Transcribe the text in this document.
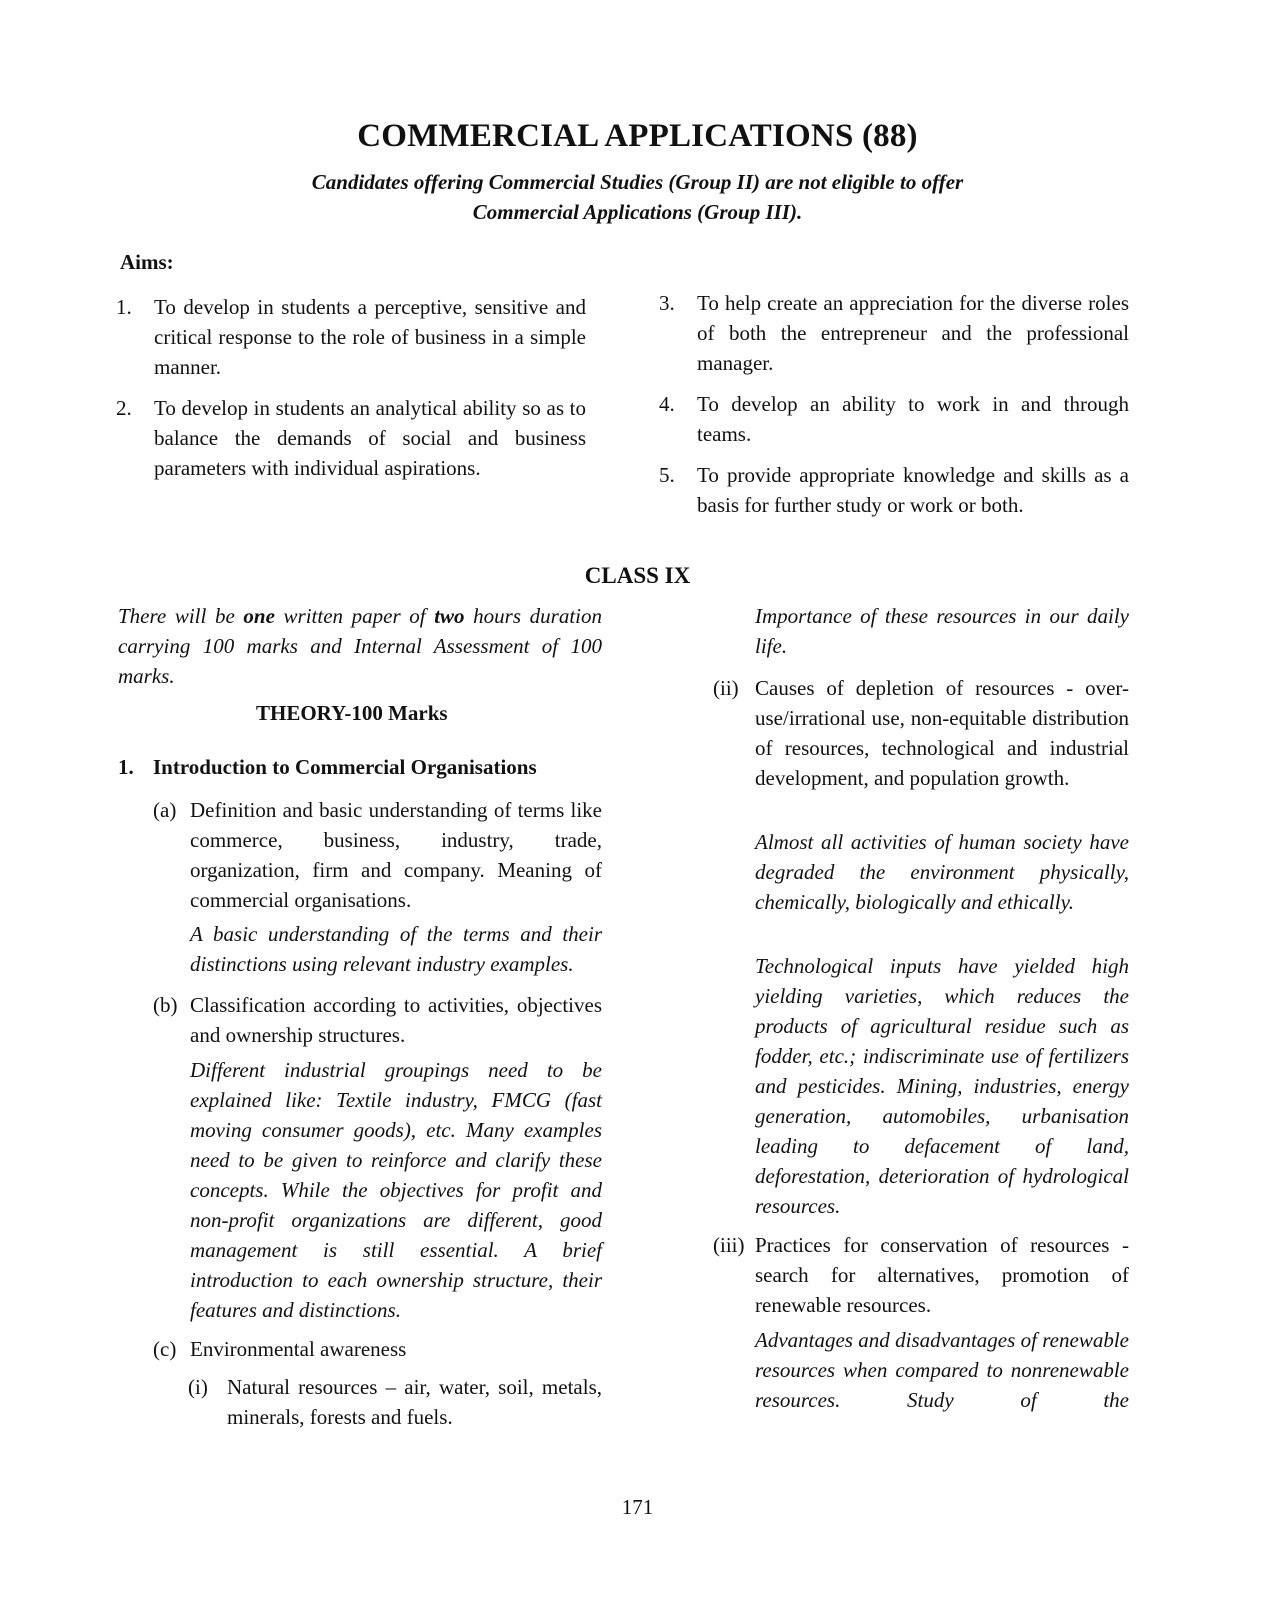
COMMERCIAL APPLICATIONS (88)
Candidates offering Commercial Studies (Group II) are not eligible to offer
Commercial Applications (Group III).
Aims:
1. To develop in students a perceptive, sensitive and critical response to the role of business in a simple manner.
2. To develop in students an analytical ability so as to balance the demands of social and business parameters with individual aspirations.
3. To help create an appreciation for the diverse roles of both the entrepreneur and the professional manager.
4. To develop an ability to work in and through teams.
5. To provide appropriate knowledge and skills as a basis for further study or work or both.
CLASS IX
There will be one written paper of two hours duration carrying 100 marks and Internal Assessment of 100 marks.
THEORY-100 Marks
1. Introduction to Commercial Organisations
(a) Definition and basic understanding of terms like commerce, business, industry, trade, organization, firm and company. Meaning of commercial organisations.
A basic understanding of the terms and their distinctions using relevant industry examples.
(b) Classification according to activities, objectives and ownership structures.
Different industrial groupings need to be explained like: Textile industry, FMCG (fast moving consumer goods), etc. Many examples need to be given to reinforce and clarify these concepts. While the objectives for profit and non-profit organizations are different, good management is still essential. A brief introduction to each ownership structure, their features and distinctions.
(c) Environmental awareness
(i) Natural resources – air, water, soil, metals, minerals, forests and fuels.
Importance of these resources in our daily life.
(ii) Causes of depletion of resources - over-use/irrational use, non-equitable distribution of resources, technological and industrial development, and population growth.
Almost all activities of human society have degraded the environment physically, chemically, biologically and ethically.
Technological inputs have yielded high yielding varieties, which reduces the products of agricultural residue such as fodder, etc.; indiscriminate use of fertilizers and pesticides. Mining, industries, energy generation, automobiles, urbanisation leading to defacement of land, deforestation, deterioration of hydrological resources.
(iii) Practices for conservation of resources - search for alternatives, promotion of renewable resources.
Advantages and disadvantages of renewable resources when compared to nonrenewable resources. Study of the
171
